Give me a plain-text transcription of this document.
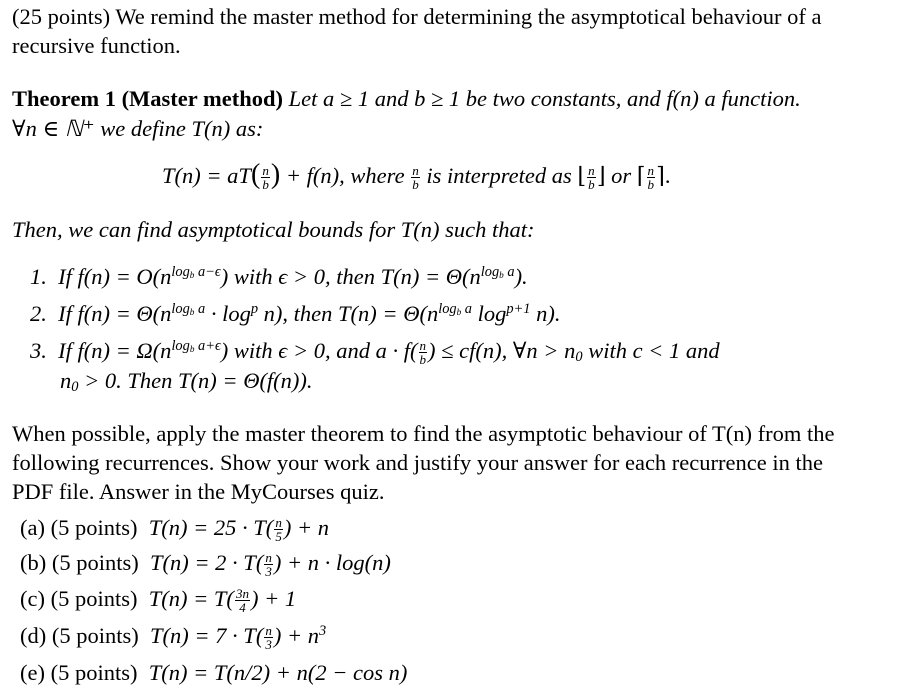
(25 points) We remind the master method for determining the asymptotical behaviour of a
recursive function.
Theorem 1 (Master method) Let a ≥ 1 and b ≥ 1 be two constants, and f(n) a function.
∀n ∈ ℕ⁺ we define T(n) as:
$T(n) = aT( \frac{n}{b}$ ) + f(n), where $\frac{n}{b}$ is interpreted as ⌊ $\frac{n}{b}$ ⌋ or ⌈ $\frac{n}{b}$ ⌉.
Then, we can find asymptotical bounds for T(n) such that:
1.  If $f(n) = O(n^{log_b a-\epsilon})$ with ϵ > 0, then $T(n) = \Theta(n^{log_b a})$.
2.  If $f(n) = \Theta(n^{log_b a} \cdot \log^p n)$, then $T(n) = \Theta(n^{log_b a}$ $\log^{p+1} n$).
3.  If $f(n) = \Omega(n^{log_b a+\epsilon})$ with ϵ > 0, and $a \cdot f( \frac{n}{b}$ ) ≤ cf(n), ∀n > $n_0$ with c < 1 and
$n_0 > 0$. Then T(n) = Θ(f(n)).
When possible, apply the master theorem to find the asymptotic behaviour of T(n) from the
following recurrences. Show your work and justify your answer for each recurrence in the
PDF file. Answer in the MyCourses quiz.
(a) (5 points)  $T(n) = 25 \cdot T( \frac{n}{5}$ ) + n
(b) (5 points)  $T(n) = 2 \cdot T( \frac{n}{3}$ ) + n · log(n)
(c) (5 points)  $T(n) = T( \frac{3n}{4}$ ) + 1
(d) (5 points)  $T(n) = 7 \cdot T( \frac{n}{3}$ ) + $n^3$
(e) (5 points)  T(n) = T(n/2) + n(2 − cos n)
